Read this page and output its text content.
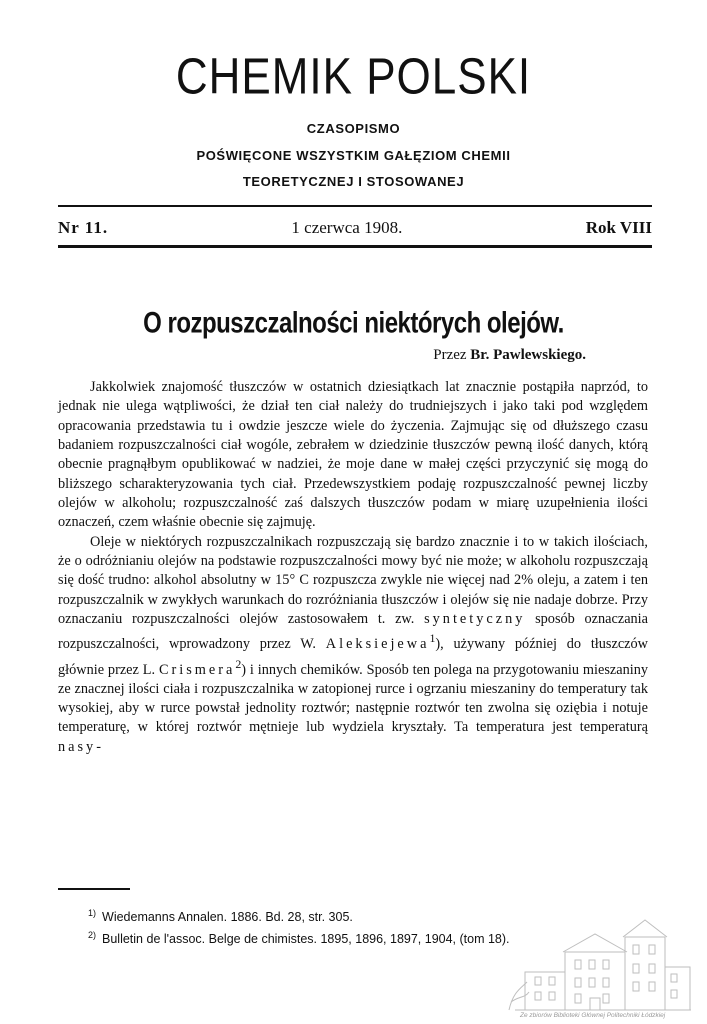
CHEMIK POLSKI
CZASOPISMO
POŚWIĘCONE WSZYSTKIM GAŁĘZIOM CHEMII
TEORETYCZNEJ I STOSOWANEJ
Nr 11.	1 czerwca 1908.	Rok VIII
O rozpuszczalności niektórych olejów.
Przez Br. Pawlewskiego.

Jakkolwiek znajomość tłuszczów w ostatnich dziesiątkach lat znacznie postąpiła naprzód, to jednak nie ulega wątpliwości, że dział ten ciał należy do trudniejszych i jako taki pod względem opracowania przedstawia tu i owdzie jeszcze wiele do życzenia. Zajmując się od dłuższego czasu badaniem rozpuszczalności ciał wogóle, zebrałem w dziedzinie tłuszczów pewną ilość danych, którą obecnie pragnąłbym opublikować w nadziei, że moje dane w małej części przyczynić się mogą do bliższego scharakteryzowania tych ciał. Przedewszystkiem podaję rozpuszczalność pewnej liczby olejów w alkoholu; rozpuszczalność zaś dalszych tłuszczów podam w miarę uzupełnienia ilości oznaczeń, czem właśnie obecnie się zajmuję.

Oleje w niektórych rozpuszczalnikach rozpuszczają się bardzo znacznie i to w takich ilościach, że o odróżnianiu olejów na podstawie rozpuszczalności mowy być nie może; w alkoholu rozpuszczają się dość trudno: alkohol absolutny w 15° C rozpuszcza zwykle nie więcej nad 2% oleju, a zatem i ten rozpuszczalnik w zwykłych warunkach do rozróżniania tłuszczów i olejów się nie nadaje dobrze. Przy oznaczaniu rozpuszczalności olejów zastosowałem t. zw. syntetyczny sposób oznaczania rozpuszczalności, wprowadzony przez W. Aleksiejewa$^1$), używany później do tłuszczów głównie przez L. Crismera$^2$) i innych chemików. Sposób ten polega na przygotowaniu mieszaniny ze znacznej ilości ciała i rozpuszczalnika w zatopionej rurce i ogrzaniu mieszaniny do temperatury tak wysokiej, aby w rurce powstał jednolity roztwór; następnie roztwór ten zwolna się oziębia i notuje temperaturę, w której roztwór mętnieje lub wydziela kryształy. Ta temperatura jest temperaturą nasy-

$^{1)}$ Wiedemanns Annalen. 1886. Bd. 28, str. 305.
$^{2)}$ Bulletin de l'assoc. Belge de chimistes. 1895, 1896, 1897, 1904, (tom 18).
Ze zbiorów Biblioteki Głównej Politechniki Łódzkiej
